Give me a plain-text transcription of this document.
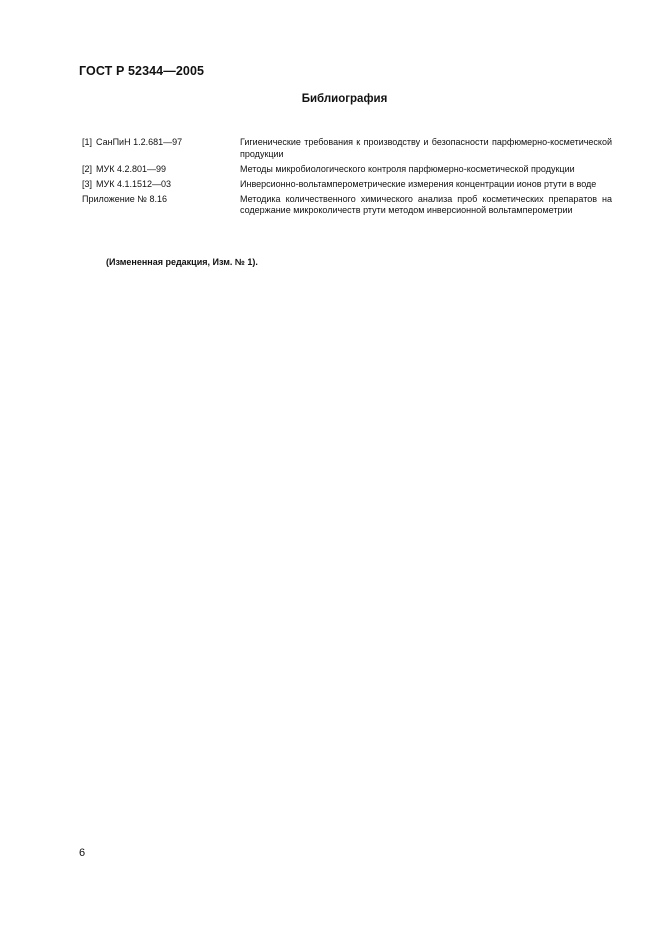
ГОСТ Р 52344—2005
Библиография
[1] СанПиН 1.2.681—97	Гигиенические требования к производству и безопасности парфюмерно-косметической продукции
[2] МУК 4.2.801—99	Методы микробиологического контроля парфюмерно-косметической продукции
[3] МУК 4.1.1512—03	Инверсионно-вольтамперометрические измерения концентрации ионов ртути в воде
Приложение № 8.16	Методика количественного химического анализа проб косметических препаратов на содержание микроколичеств ртути методом инверсионной вольтамперометрии
(Измененная редакция, Изм. № 1).
6
